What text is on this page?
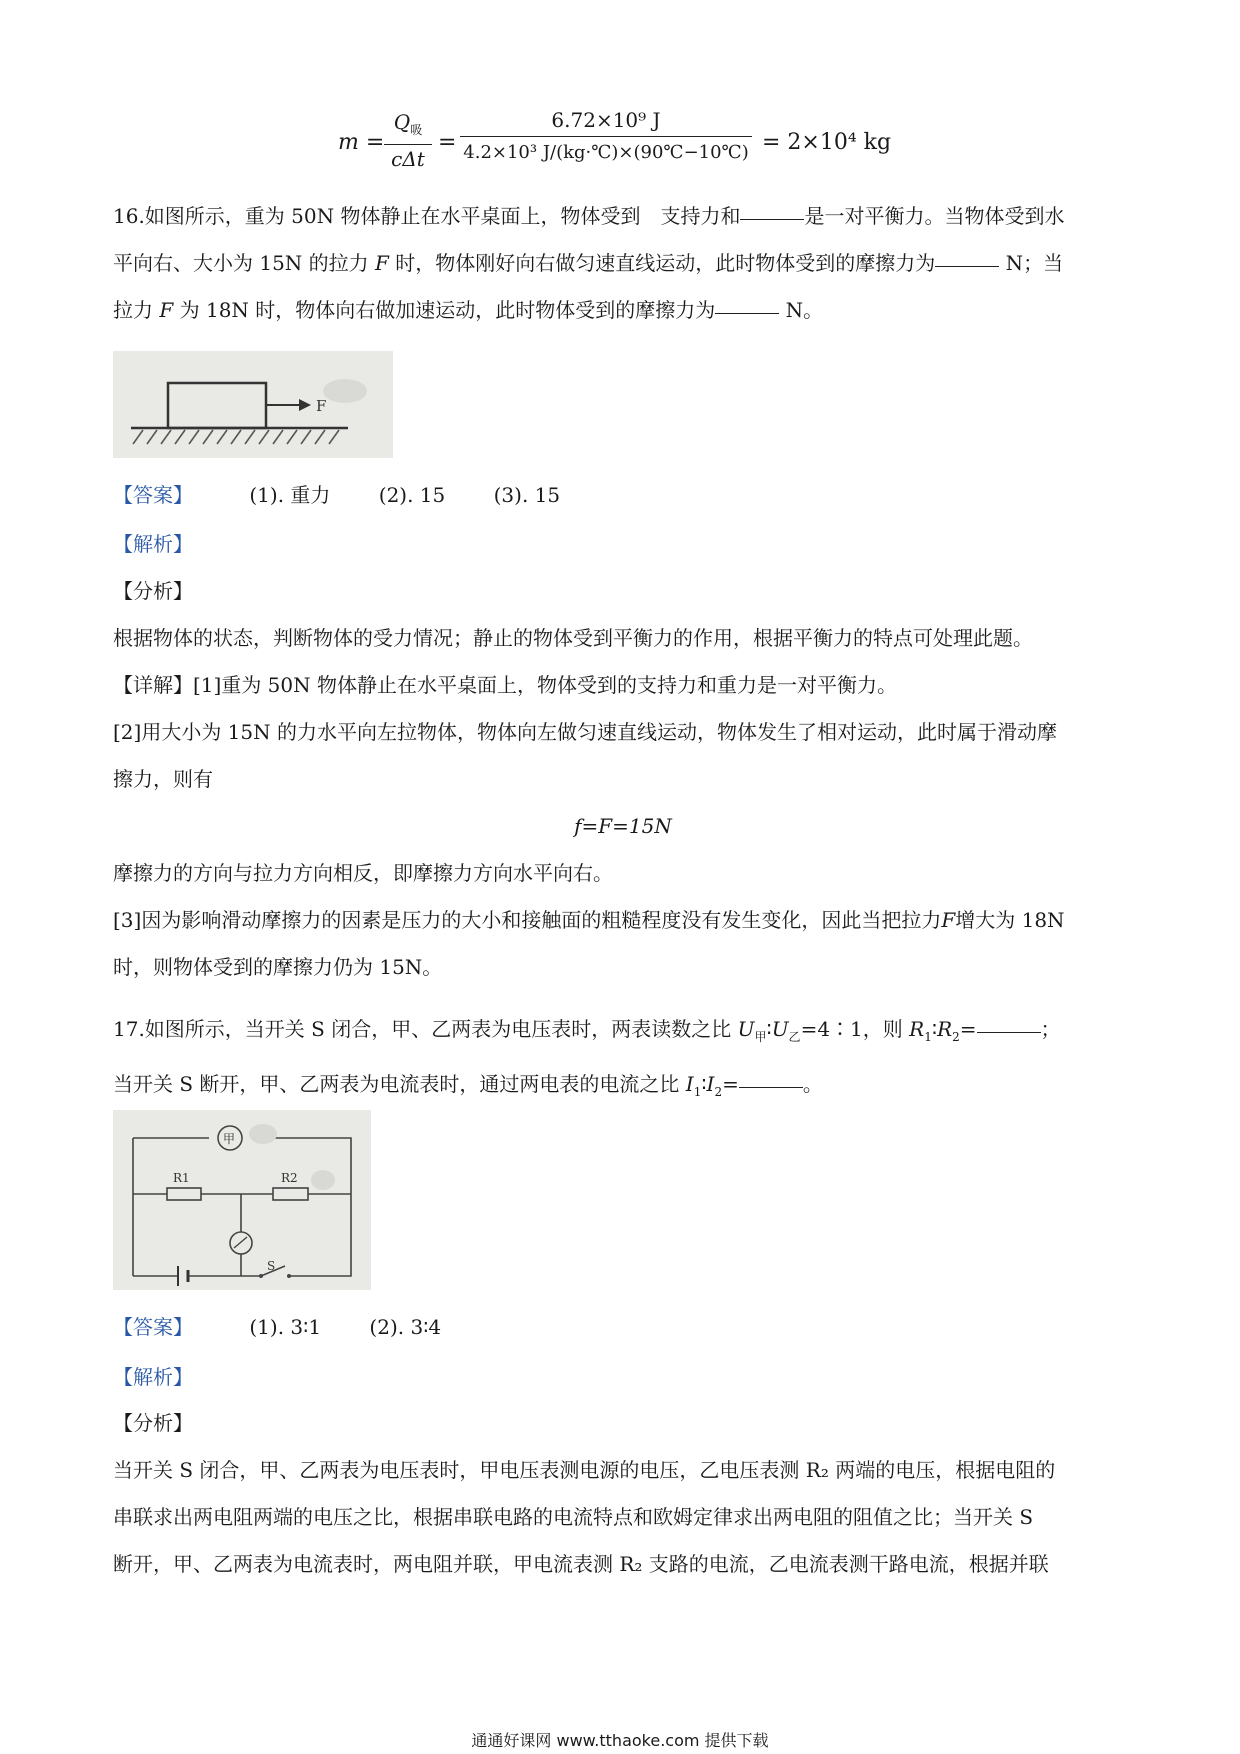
m =
$Q_吸$
cΔt
=
6.72×10⁹ J
4.2×10³ J/(kg·℃)×(90℃−10℃) = 2×10⁴ kg
16.如图所示，重为 50N 物体静止在水平桌面上，物体受到　支持力和	是一对平衡力。当物体受到水
平向右、大小为 15N 的拉力 F 时，物体刚好向右做匀速直线运动，此时物体受到的摩擦力为	N；当
拉力 F 为 18N 时，物体向右做加速运动，此时物体受到的摩擦力为	N。
F
【答案】	(1). 重力 (2). 15 (3). 15
【解析】
【分析】
根据物体的状态，判断物体的受力情况；静止的物体受到平衡力的作用，根据平衡力的特点可处理此题。
【详解】[1]重为 50N 物体静止在水平桌面上，物体受到的支持力和重力是一对平衡力。
[2]用大小为 15N 的力水平向左拉物体，物体向左做匀速直线运动，物体发生了相对运动，此时属于滑动摩
擦力，则有
f=F=15N
摩擦力的方向与拉力方向相反，即摩擦力方向水平向右。
[3]因为影响滑动摩擦力的因素是压力的大小和接触面的粗糙程度没有发生变化，因此当把拉力F增大为 18N
时，则物体受到的摩擦力仍为 15N。
17.如图所示，当开关 S 闭合，甲、乙两表为电压表时，两表读数之比 $U_甲∶U_乙=4∶1$，则 $R_1∶R_2=$	；
当开关 S 断开，甲、乙两表为电流表时，通过两电表的电流之比 $I_1∶I_2=$	。
甲
R1	R2
S
【答案】	(1). 3∶1 (2). 3∶4
【解析】
【分析】
当开关 S 闭合，甲、乙两表为电压表时，甲电压表测电源的电压，乙电压表测 R₂ 两端的电压，根据电阻的
串联求出两电阻两端的电压之比，根据串联电路的电流特点和欧姆定律求出两电阻的阻值之比；当开关 S
断开，甲、乙两表为电流表时，两电阻并联，甲电流表测 R₂ 支路的电流，乙电流表测干路电流，根据并联
通通好课网 www.tthaoke.com 提供下载
